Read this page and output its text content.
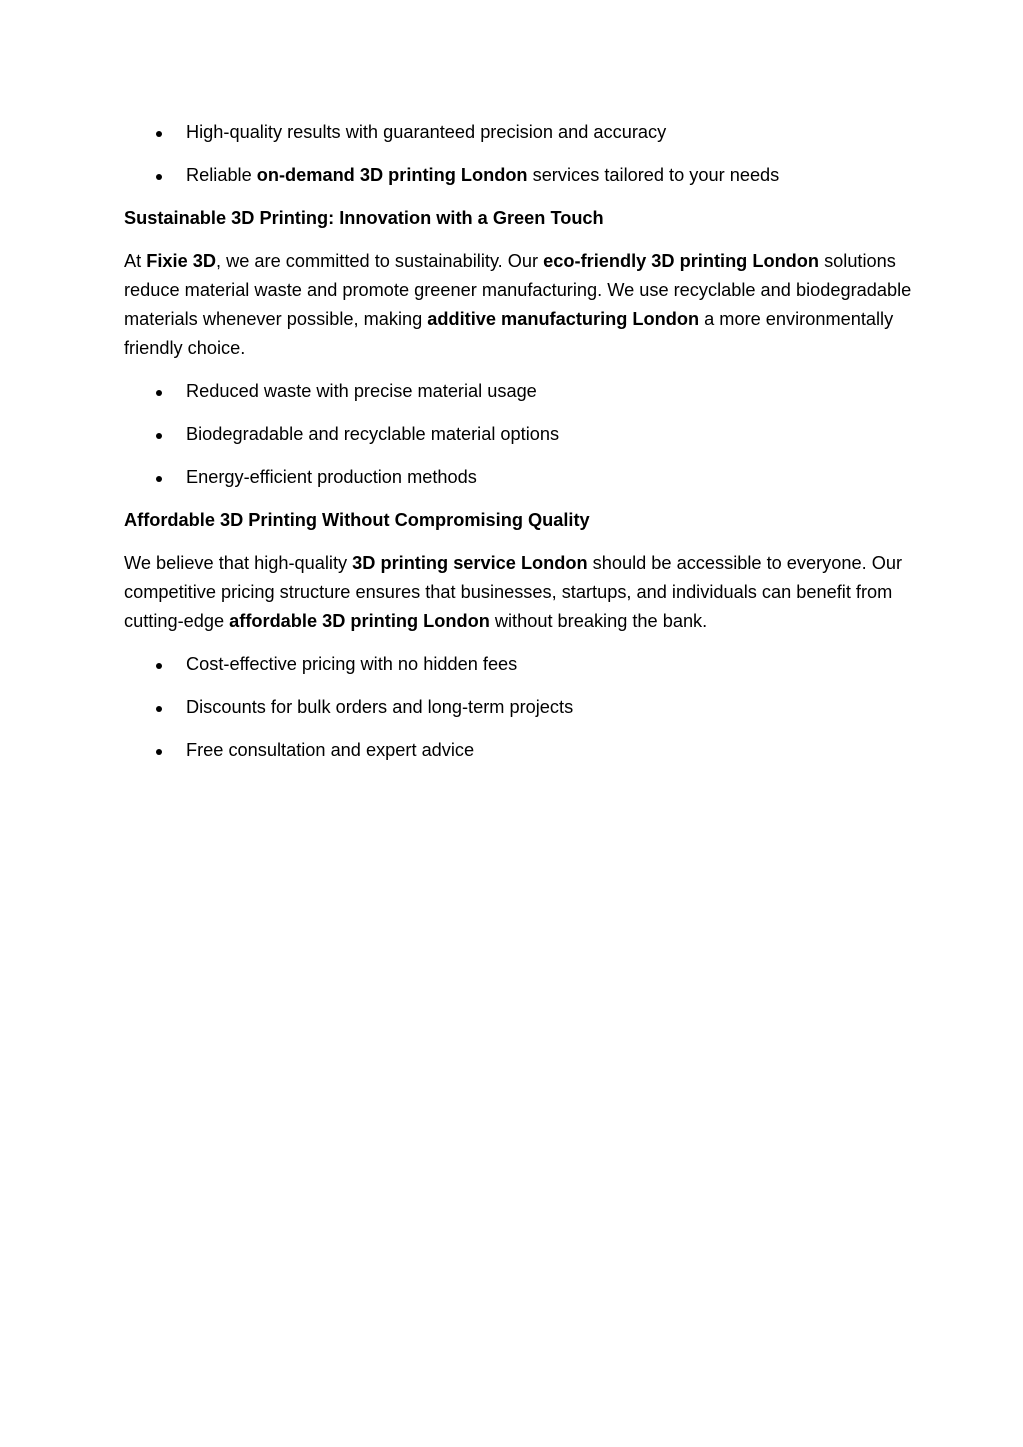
High-quality results with guaranteed precision and accuracy
Reliable on-demand 3D printing London services tailored to your needs
Sustainable 3D Printing: Innovation with a Green Touch

At Fixie 3D, we are committed to sustainability. Our eco-friendly 3D printing London solutions reduce material waste and promote greener manufacturing. We use recyclable and biodegradable materials whenever possible, making additive manufacturing London a more environmentally friendly choice.

Reduced waste with precise material usage
Biodegradable and recyclable material options
Energy-efficient production methods
Affordable 3D Printing Without Compromising Quality

We believe that high-quality 3D printing service London should be accessible to everyone. Our competitive pricing structure ensures that businesses, startups, and individuals can benefit from cutting-edge affordable 3D printing London without breaking the bank.

Cost-effective pricing with no hidden fees
Discounts for bulk orders and long-term projects
Free consultation and expert advice
